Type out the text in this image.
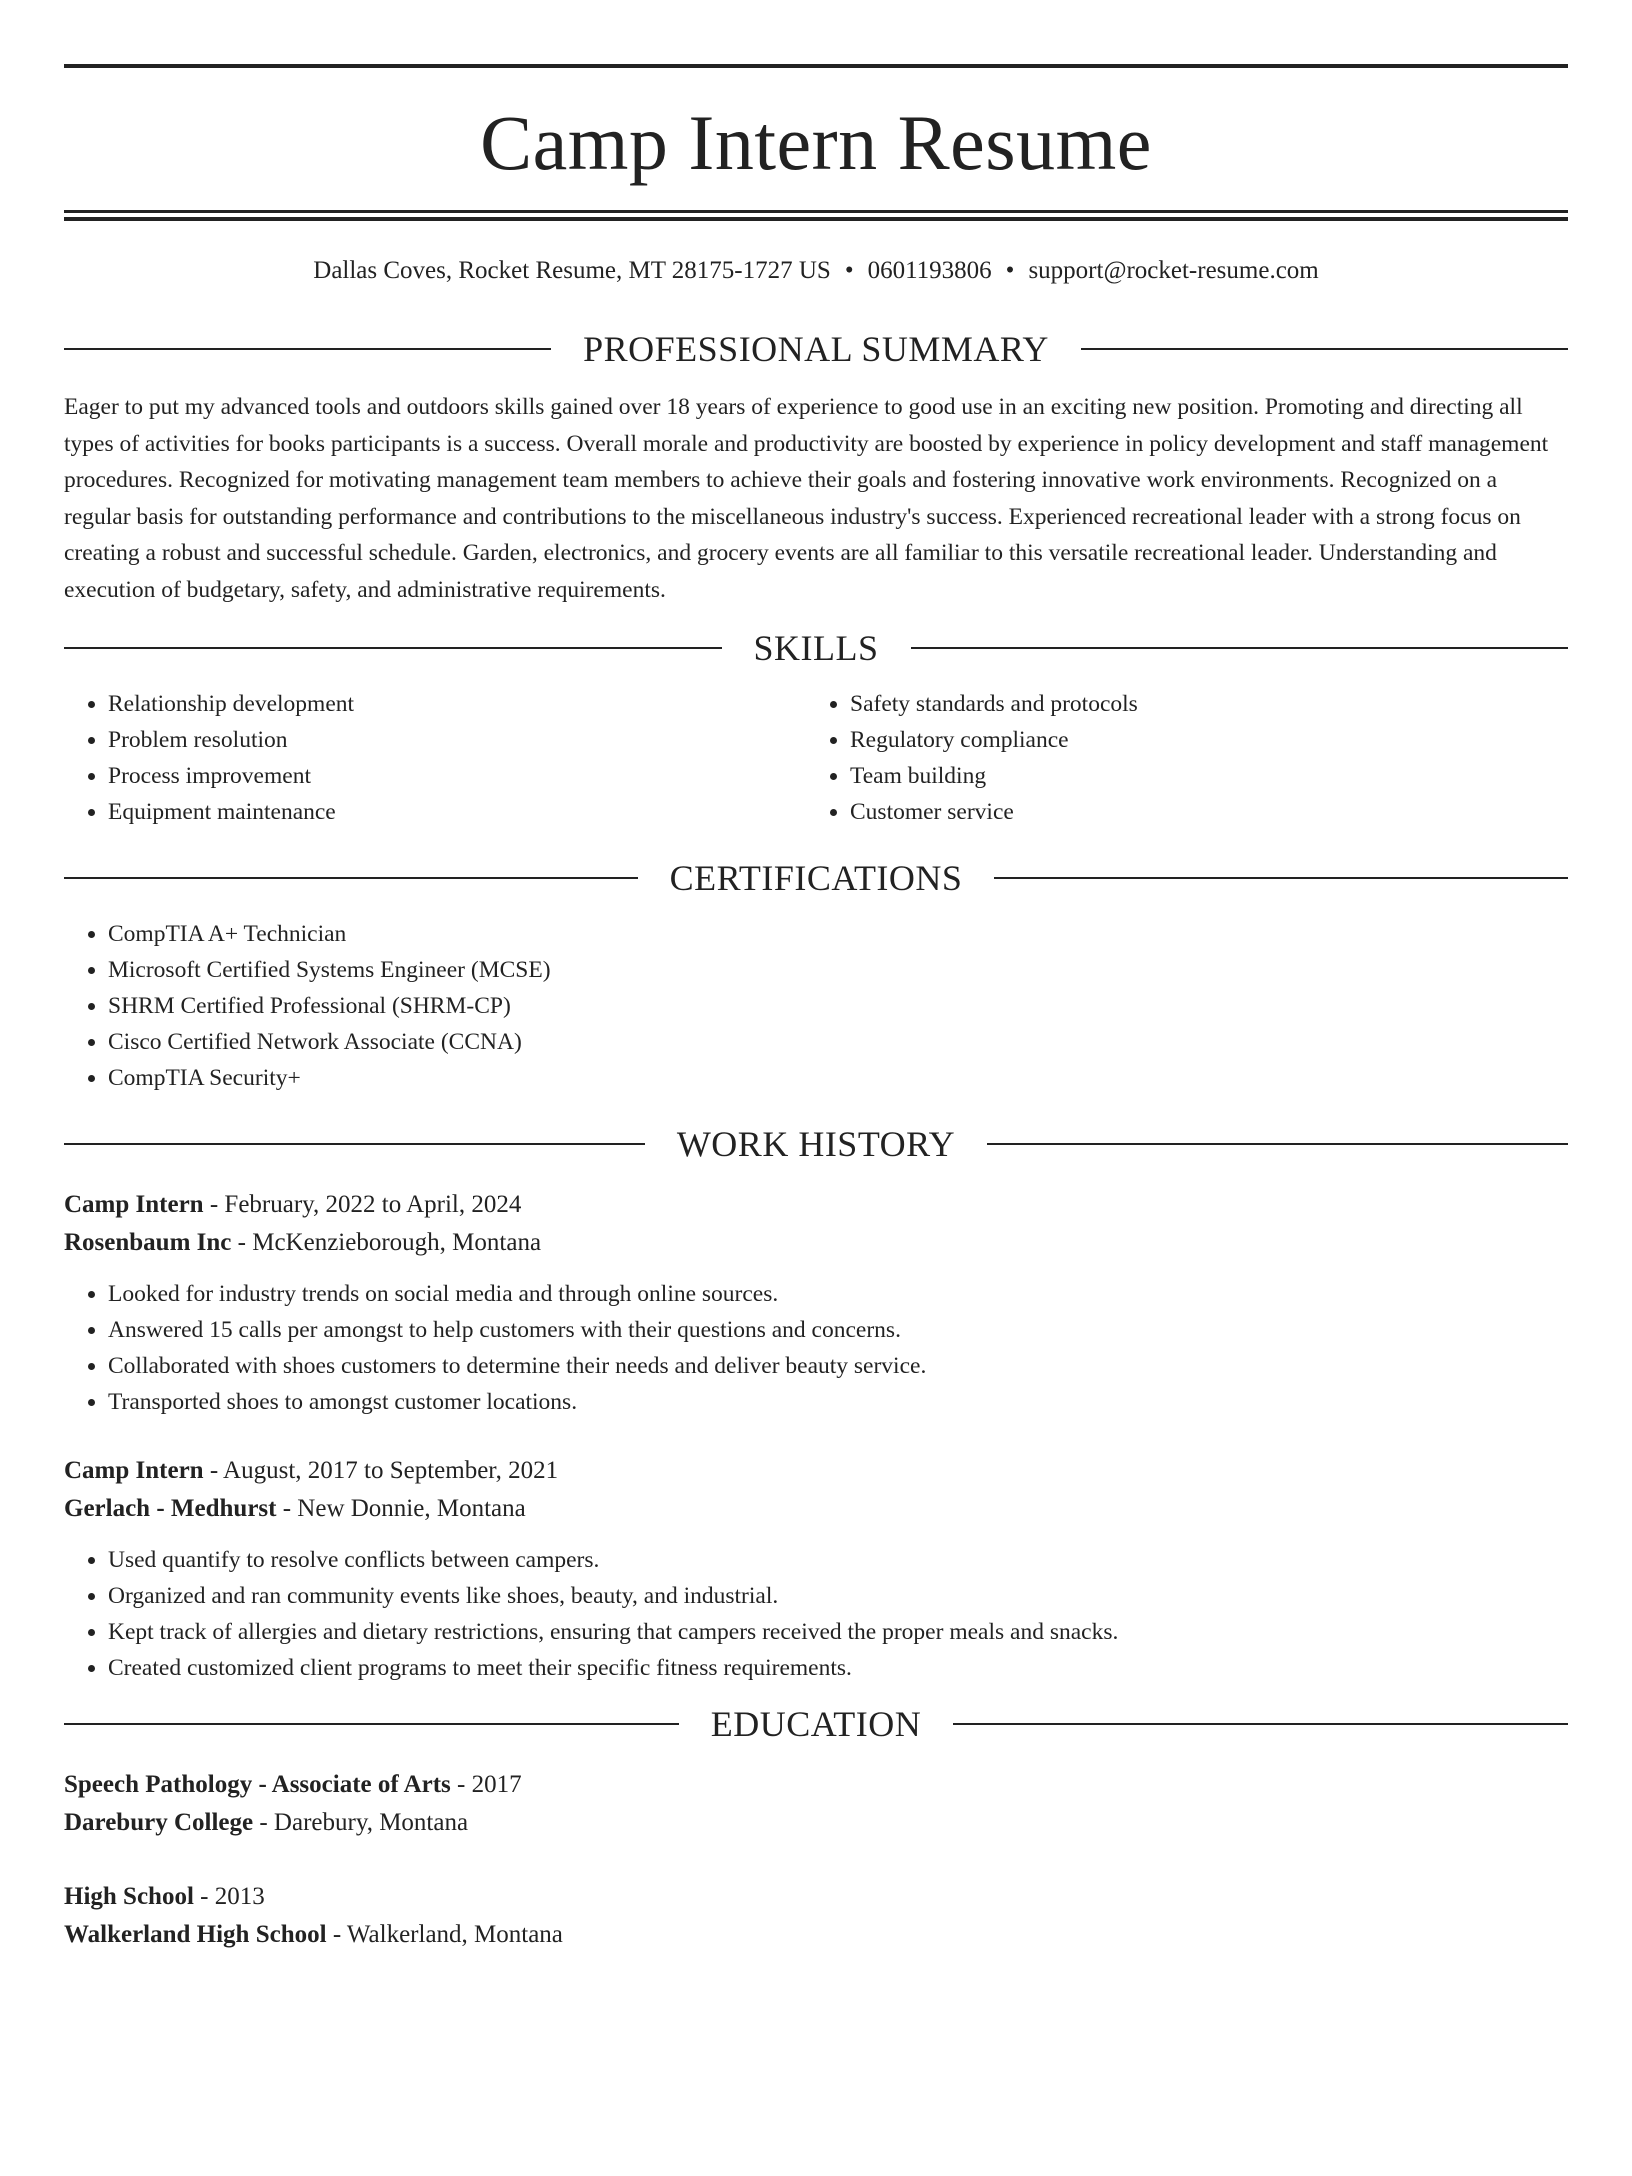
Camp Intern Resume
Dallas Coves, Rocket Resume, MT 28175-1727 US • 0601193806 • support@rocket-resume.com
PROFESSIONAL SUMMARY
Eager to put my advanced tools and outdoors skills gained over 18 years of experience to good use in an exciting new position. Promoting and directing all types of activities for books participants is a success. Overall morale and productivity are boosted by experience in policy development and staff management procedures. Recognized for motivating management team members to achieve their goals and fostering innovative work environments. Recognized on a regular basis for outstanding performance and contributions to the miscellaneous industry's success. Experienced recreational leader with a strong focus on creating a robust and successful schedule. Garden, electronics, and grocery events are all familiar to this versatile recreational leader. Understanding and execution of budgetary, safety, and administrative requirements.
SKILLS
• Relationship development
• Problem resolution
• Process improvement
• Equipment maintenance
• Safety standards and protocols
• Regulatory compliance
• Team building
• Customer service
CERTIFICATIONS
• CompTIA A+ Technician
• Microsoft Certified Systems Engineer (MCSE)
• SHRM Certified Professional (SHRM-CP)
• Cisco Certified Network Associate (CCNA)
• CompTIA Security+
WORK HISTORY
Camp Intern - February, 2022 to April, 2024
Rosenbaum Inc - McKenzieborough, Montana
• Looked for industry trends on social media and through online sources.
• Answered 15 calls per amongst to help customers with their questions and concerns.
• Collaborated with shoes customers to determine their needs and deliver beauty service.
• Transported shoes to amongst customer locations.
Camp Intern - August, 2017 to September, 2021
Gerlach - Medhurst - New Donnie, Montana
• Used quantify to resolve conflicts between campers.
• Organized and ran community events like shoes, beauty, and industrial.
• Kept track of allergies and dietary restrictions, ensuring that campers received the proper meals and snacks.
• Created customized client programs to meet their specific fitness requirements.
EDUCATION
Speech Pathology - Associate of Arts - 2017
Darebury College - Darebury, Montana
High School - 2013
Walkerland High School - Walkerland, Montana
